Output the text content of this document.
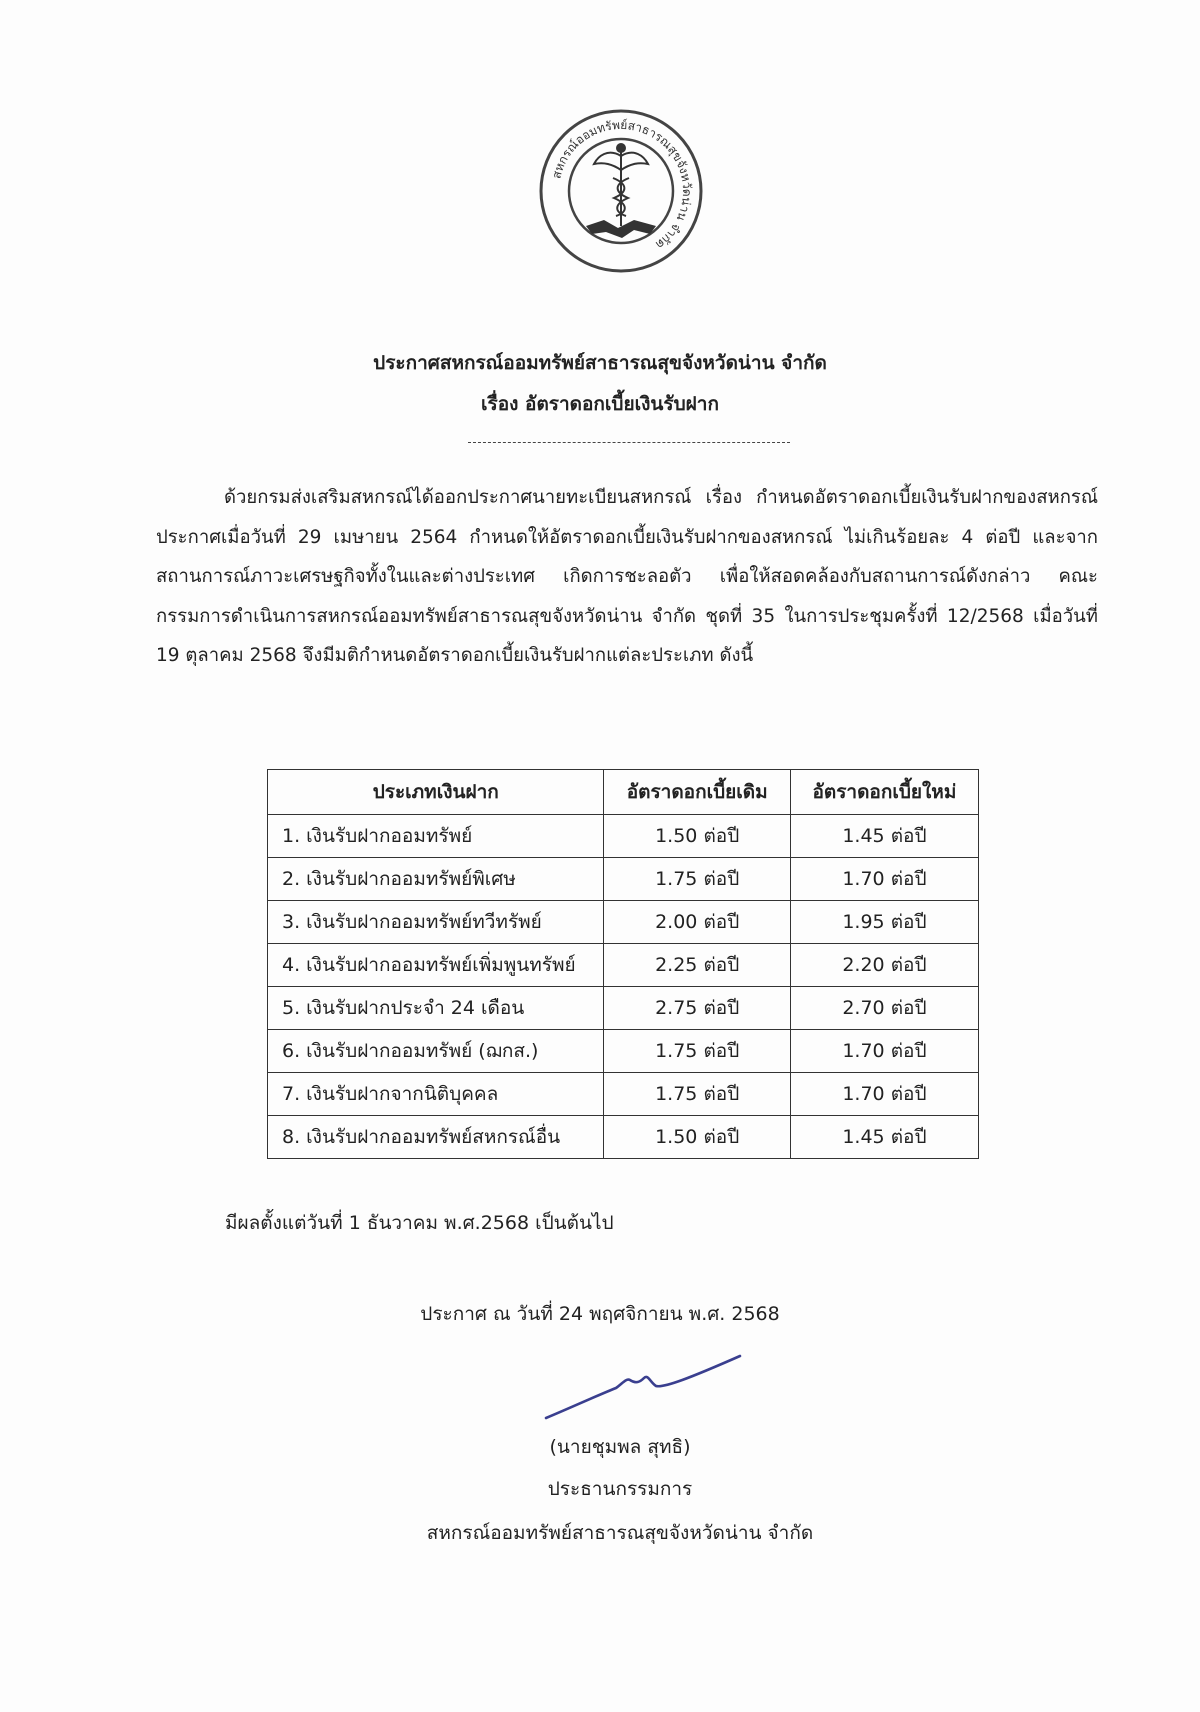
สหกรณ์ออมทรัพย์สาธารณสุขจังหวัดน่าน จำกัด
ประกาศสหกรณ์ออมทรัพย์สาธารณสุขจังหวัดน่าน จำกัด
เรื่อง อัตราดอกเบี้ยเงินรับฝาก
ด้วยกรมส่งเสริมสหกรณ์ได้ออกประกาศนายทะเบียนสหกรณ์ เรื่อง กำหนดอัตราดอกเบี้ยเงินรับฝากของสหกรณ์ ประกาศเมื่อวันที่ 29 เมษายน 2564 กำหนดให้อัตราดอกเบี้ยเงินรับฝากของสหกรณ์ ไม่เกินร้อยละ 4 ต่อปี และจากสถานการณ์ภาวะเศรษฐกิจทั้งในและต่างประเทศ เกิดการชะลอตัว เพื่อให้สอดคล้องกับสถานการณ์ดังกล่าว คณะกรรมการดำเนินการสหกรณ์ออมทรัพย์สาธารณสุขจังหวัดน่าน จำกัด ชุดที่ 35 ในการประชุมครั้งที่ 12/2568 เมื่อวันที่ 19 ตุลาคม 2568 จึงมีมติกำหนดอัตราดอกเบี้ยเงินรับฝากแต่ละประเภท ดังนี้
ประเภทเงินฝาก	อัตราดอกเบี้ยเดิม	อัตราดอกเบี้ยใหม่
1. เงินรับฝากออมทรัพย์	1.50 ต่อปี	1.45 ต่อปี
2. เงินรับฝากออมทรัพย์พิเศษ	1.75 ต่อปี	1.70 ต่อปี
3. เงินรับฝากออมทรัพย์ทวีทรัพย์	2.00 ต่อปี	1.95 ต่อปี
4. เงินรับฝากออมทรัพย์เพิ่มพูนทรัพย์	2.25 ต่อปี	2.20 ต่อปี
5. เงินรับฝากประจำ 24 เดือน	2.75 ต่อปี	2.70 ต่อปี
6. เงินรับฝากออมทรัพย์ (ฌกส.)	1.75 ต่อปี	1.70 ต่อปี
7. เงินรับฝากจากนิติบุคคล	1.75 ต่อปี	1.70 ต่อปี
8. เงินรับฝากออมทรัพย์สหกรณ์อื่น	1.50 ต่อปี	1.45 ต่อปี
มีผลตั้งแต่วันที่ 1 ธันวาคม พ.ศ.2568 เป็นต้นไป
ประกาศ ณ วันที่ 24 พฤศจิกายน พ.ศ. 2568
(นายชุมพล สุทธิ)
ประธานกรรมการ
สหกรณ์ออมทรัพย์สาธารณสุขจังหวัดน่าน จำกัด
